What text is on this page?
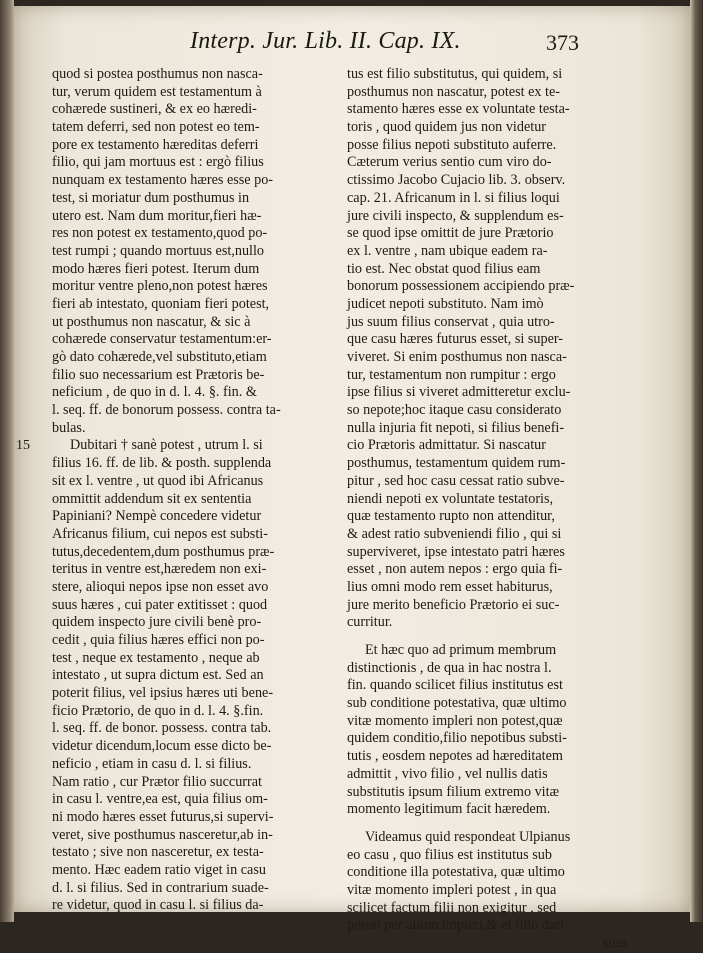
Interp. Jur. Lib. II. Cap. IX.	373
quod si postea posthumus non nasca-
tur, verum quidem est testamentum à
cohærede sustineri, & ex eo hæredi-
tatem deferri, sed non potest eo tem-
pore ex testamento hæreditas deferri
filio, qui jam mortuus est : ergò filius
nunquam ex testamento hæres esse po-
test, si moriatur dum posthumus in
utero est. Nam dum moritur,fieri hæ-
res non potest ex testamento,quod po-
test rumpi ; quando mortuus est,nullo
modo hæres fieri potest. Iterum dum
moritur ventre pleno,non potest hæres
fieri ab intestato, quoniam fieri potest,
ut posthumus non nascatur, & sic à
cohærede conservatur testamentum:er-
gò dato cohærede,vel substituto,etiam
filio suo necessarium est Prætoris be-
neficium , de quo in d. l. 4. §. fin. &
l. seq. ff. de bonorum possess. contra ta-
bulas.
15	Dubitari † sanè potest , utrum l. si
filius 16. ff. de lib. & posth. supplenda
sit ex l. ventre , ut quod ibi Africanus
ommittit addendum sit ex sententia
Papiniani? Nempè concedere videtur
Africanus filium, cui nepos est substi-
tutus,decedentem,dum posthumus præ-
teritus in ventre est,hæredem non exi-
stere, alioqui nepos ipse non esset avo
suus hæres , cui pater extitisset : quod
quidem inspecto jure civili benè pro-
cedit , quia filius hæres effici non po-
test , neque ex testamento , neque ab
intestato , ut supra dictum est. Sed an
poterit filius, vel ipsius hæres uti bene-
ficio Prætorio, de quo in d. l. 4. §.fin.
l. seq. ff. de bonor. possess. contra tab.
videtur dicendum,locum esse dicto be-
neficio , etiam in casu d. l. si filius.
Nam ratio , cur Prætor filio succurrat
in casu l. ventre,ea est, quia filius om-
ni modo hæres esset futurus,si supervi-
veret, sive posthumus nasceretur,ab in-
testato ; sive non nasceretur, ex testa-
mento. Hæc eadem ratio viget in casu
d. l. si filius. Sed in contrarium suade-
re videtur, quod in casu l. si filius da-
tus est filio substitutus, qui quidem, si
posthumus non nascatur, potest ex te-
stamento hæres esse ex voluntate testa-
toris , quod quidem jus non videtur
posse filius nepoti substituto auferre.
Cæterum verius sentio cum viro do-
ctissimo Jacobo Cujacio lib. 3. observ.
cap. 21. Africanum in l. si filius loqui
jure civili inspecto, & supplendum es-
se quod ipse omittit de jure Prætorio
ex l. ventre , nam ubique eadem ra-
tio est. Nec obstat quod filius eam
bonorum possessionem accipiendo præ-
judicet nepoti substituto. Nam imò
jus suum filius conservat , quia utro-
que casu hæres futurus esset, si super-
viveret. Si enim posthumus non nasca-
tur, testamentum non rumpitur : ergo
ipse filius si viveret admitteretur exclu-
so nepote;hoc itaque casu considerato
nulla injuria fit nepoti, si filius benefi-
cio Prætoris admittatur. Si nascatur
posthumus, testamentum quidem rum-
pitur , sed hoc casu cessat ratio subve-
niendi nepoti ex voluntate testatoris,
quæ testamento rupto non attenditur,
& adest ratio subveniendi filio , qui si
superviveret, ipse intestato patri hæres
esset , non autem nepos : ergo quia fi-
lius omni modo rem esset habiturus,
jure merito beneficio Prætorio ei suc-
curritur.
Et hæc quo ad primum membrum
distinctionis , de qua in hac nostra l.
fin. quando scilicet filius institutus est
sub conditione potestativa, quæ ultimo
vitæ momento impleri non potest,quæ
quidem conditio,filio nepotibus substi-
tutis , eosdem nepotes ad hæreditatem
admittit , vivo filio , vel nullis datis
substitutis ipsum filium extremo vitæ
momento legitimum facit hæredem.
Videamus quid respondeat Ulpianus
eo casu , quo filius est institutus sub
conditione illa potestativa, quæ ultimo
vitæ momento impleri potest , in qua
scilicet factum filii non exigitur , sed
potest per alium impleri,& ei filio dari
suas
